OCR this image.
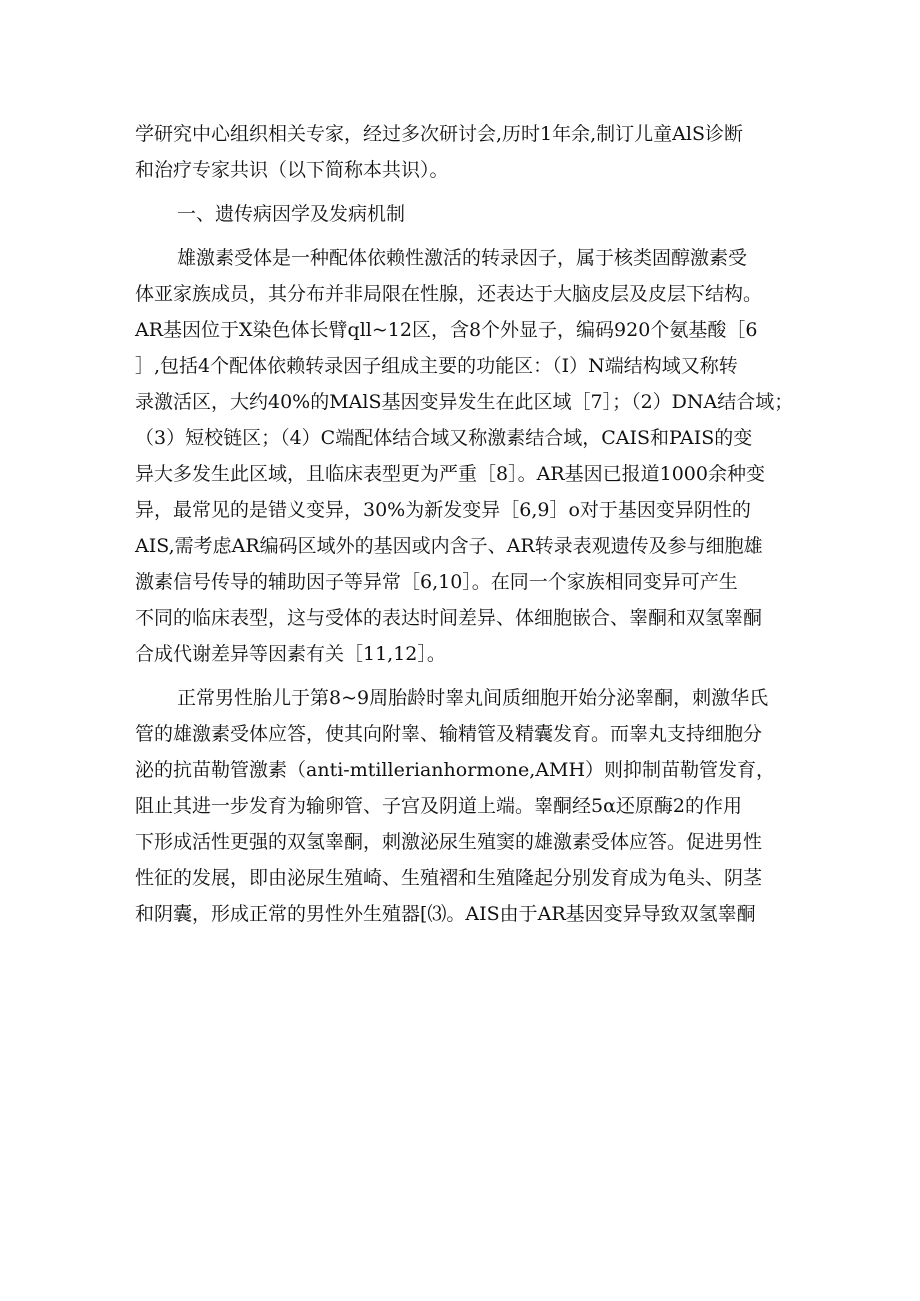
学研究中心组织相关专家，经过多次研讨会,历时1年余,制订儿童AlS诊断
和治疗专家共识（以下简称本共识）。
一、遗传病因学及发病机制
雄激素受体是一种配体依赖性激活的转录因子，属于核类固醇激素受
体亚家族成员，其分布并非局限在性腺，还表达于大脑皮层及皮层下结构。
AR基因位于X染色体长臂qll~12区，含8个外显子，编码920个氨基酸［6
］,包括4个配体依赖转录因子组成主要的功能区：（I）N端结构域又称转
录激活区，大约40%的MAlS基因变异发生在此区域［7］；（2）DNA结合域；
（3）短校链区；（4）C端配体结合域又称激素结合域，CAIS和PAIS的变
异大多发生此区域，且临床表型更为严重［8］。AR基因已报道1000余种变
异，最常见的是错义变异，30%为新发变异［6,9］o对于基因变异阴性的
AIS,需考虑AR编码区域外的基因或内含子、AR转录表观遗传及参与细胞雄
激素信号传导的辅助因子等异常［6,10］。在同一个家族相同变异可产生
不同的临床表型，这与受体的表达时间差异、体细胞嵌合、睾酮和双氢睾酮
合成代谢差异等因素有关［11,12］。
正常男性胎儿于第8~9周胎龄时睾丸间质细胞开始分泌睾酮，刺激华氏
管的雄激素受体应答，使其向附睾、输精管及精囊发育。而睾丸支持细胞分
泌的抗苗勒管激素（anti-mtillerianhormone,AMH）则抑制苗勒管发育，
阻止其进一步发育为输卵管、子宫及阴道上端。睾酮经5α还原酶2的作用
下形成活性更强的双氢睾酮，刺激泌尿生殖窦的雄激素受体应答。促进男性
性征的发展，即由泌尿生殖崎、生殖褶和生殖隆起分别发育成为龟头、阴茎
和阴囊，形成正常的男性外生殖器[⑶。AIS由于AR基因变异导致双氢睾酮
